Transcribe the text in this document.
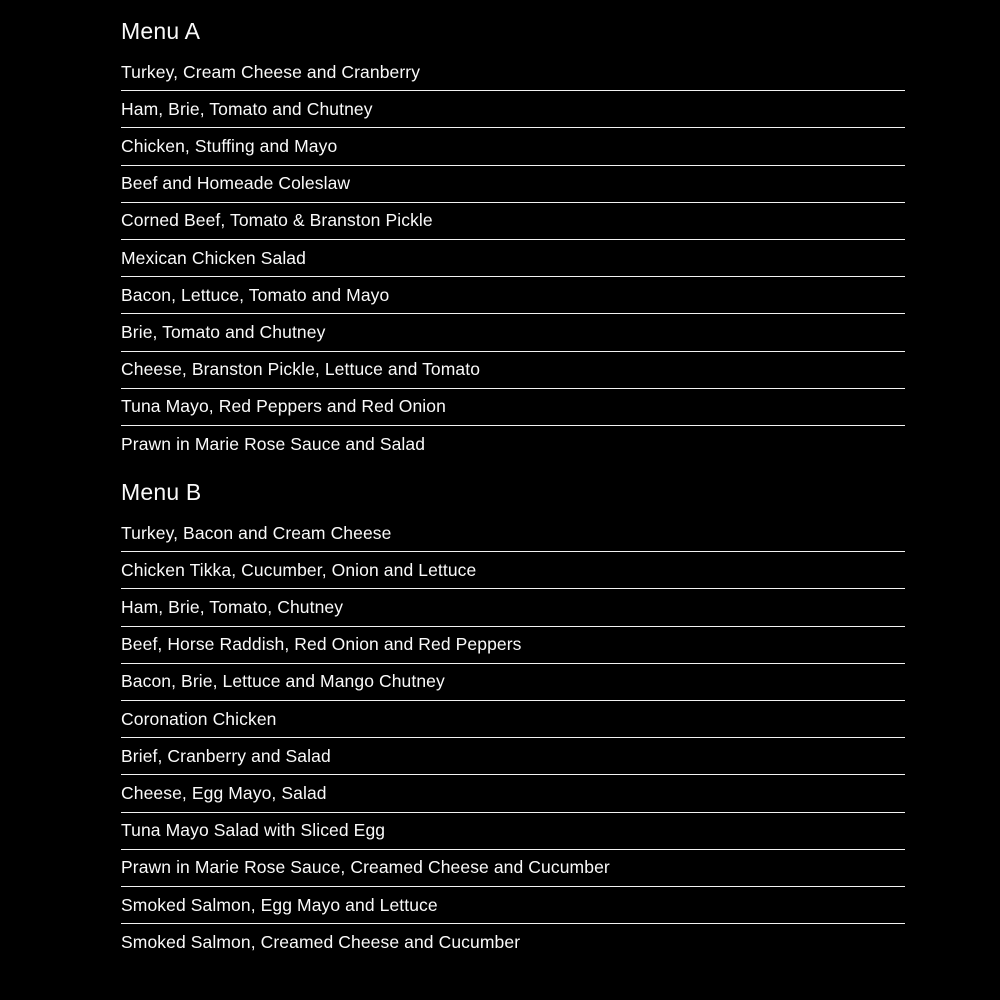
Menu A
Turkey, Cream Cheese and Cranberry
Ham, Brie, Tomato and Chutney
Chicken, Stuffing and Mayo
Beef and Homeade Coleslaw
Corned Beef, Tomato & Branston Pickle
Mexican Chicken Salad
Bacon, Lettuce, Tomato and Mayo
Brie, Tomato and Chutney
Cheese, Branston Pickle, Lettuce and Tomato
Tuna Mayo, Red Peppers and Red Onion
Prawn in Marie Rose Sauce and Salad
Menu B
Turkey, Bacon and Cream Cheese
Chicken Tikka, Cucumber, Onion and Lettuce
Ham, Brie, Tomato, Chutney
Beef, Horse Raddish, Red Onion and Red Peppers
Bacon, Brie, Lettuce and Mango Chutney
Coronation Chicken
Brief, Cranberry and Salad
Cheese, Egg Mayo, Salad
Tuna Mayo Salad with Sliced Egg
Prawn in Marie Rose Sauce, Creamed Cheese and Cucumber
Smoked Salmon, Egg Mayo and Lettuce
Smoked Salmon, Creamed Cheese and Cucumber
